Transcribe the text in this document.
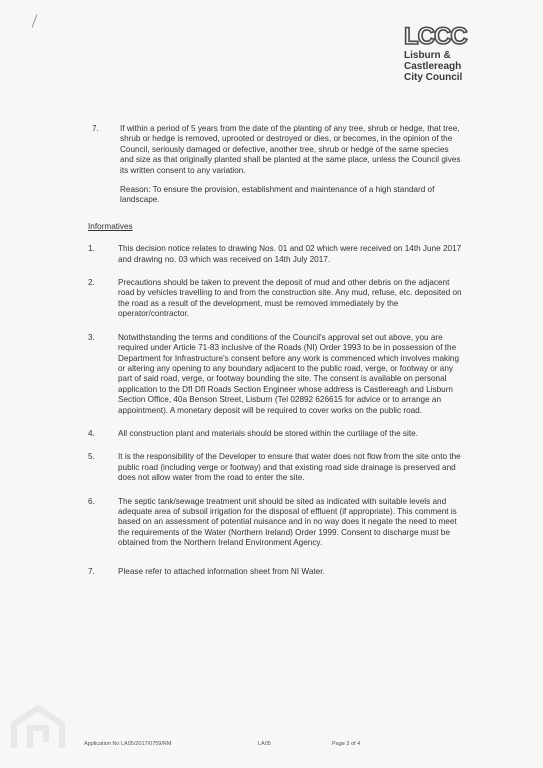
LCCC
Lisburn &
Castlereagh
City Council
7.	If within a period of 5 years from the date of the planting of any tree, shrub or hedge, that tree, shrub or hedge is removed, uprooted or destroyed or dies, or becomes, in the opinion of the Council, seriously damaged or defective, another tree, shrub or hedge of the same species and size as that originally planted shall be planted at the same place, unless the Council gives its written consent to any variation.
Reason: To ensure the provision, establishment and maintenance of a high standard of landscape.
Informatives
1.	This decision notice relates to drawing Nos. 01 and 02 which were received on 14th June 2017 and drawing no. 03 which was received on 14th July 2017.
2.	Precautions should be taken to prevent the deposit of mud and other debris on the adjacent road by vehicles travelling to and from the construction site. Any mud, refuse, etc. deposited on the road as a result of the development, must be removed immediately by the operator/contractor.
3.	Notwithstanding the terms and conditions of the Council's approval set out above, you are required under Article 71-83 inclusive of the Roads (NI) Order 1993 to be in possession of the Department for Infrastructure's consent before any work is commenced which involves making or altering any opening to any boundary adjacent to the public road, verge, or footway or any part of said road, verge, or footway bounding the site. The consent is available on personal application to the DfI DfI Roads Section Engineer whose address is Castlereagh and Lisburn Section Office, 40a Benson Street, Lisburn (Tel 02892 626615 for advice or to arrange an appointment). A monetary deposit will be required to cover works on the public road.
4.	All construction plant and materials should be stored within the curtilage of the site.
5.	It is the responsibility of the Developer to ensure that water does not flow from the site onto the public road (including verge or footway) and that existing road side drainage is preserved and does not allow water from the road to enter the site.
6.	The septic tank/sewage treatment unit should be sited as indicated with suitable levels and adequate area of subsoil irrigation for the disposal of effluent (if appropriate). This comment is based on an assessment of potential nuisance and in no way does it negate the need to meet the requirements of the Water (Northern Ireland) Order 1999. Consent to discharge must be obtained from the Northern Ireland Environment Agency.
7.	Please refer to attached information sheet from NI Water.
Application No LA05/2017/0759/RM	LA05	Page 3 of 4
